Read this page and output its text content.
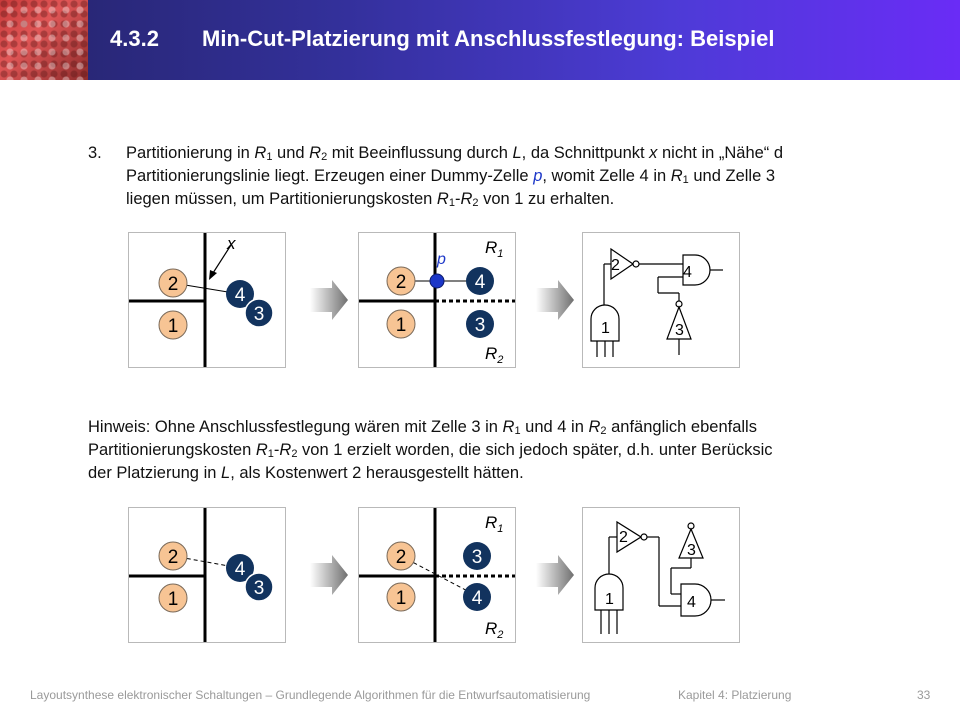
4.3.2 Min-Cut-Platzierung mit Anschlussfestlegung: Beispiel
3. Partitionierung in $R_1$ und $R_2$ mit Beeinflussung durch L, da Schnittpunkt x nicht in „Nähe“ d
Partitionierungslinie liegt. Erzeugen einer Dummy-Zelle p, womit Zelle 4 in $R_1$ und Zelle 3
liegen müssen, um Partitionierungskosten $R_1-R_2$ von 1 zu erhalten.
x
2
1
4
3
p
$R_1$
$R_2$
2
1
4
3
2	4
3
1
Hinweis: Ohne Anschlussfestlegung wären mit Zelle 3 in $R_1$ und 4 in $R_2$ anfänglich ebenfalls
Partitionierungskosten $R_1-R_2$ von 1 erzielt worden, die sich jedoch später, d.h. unter Berücksic
der Platzierung in L, als Kostenwert 2 herausgestellt hätten.
2
1
4
3
$R_1$
$R_2$
2
1
3
4
2
3
4
1
Layoutsynthese elektronischer Schaltungen – Grundlegende Algorithmen für die Entwurfsautomatisierung	Kapitel 4: Platzierung	33
